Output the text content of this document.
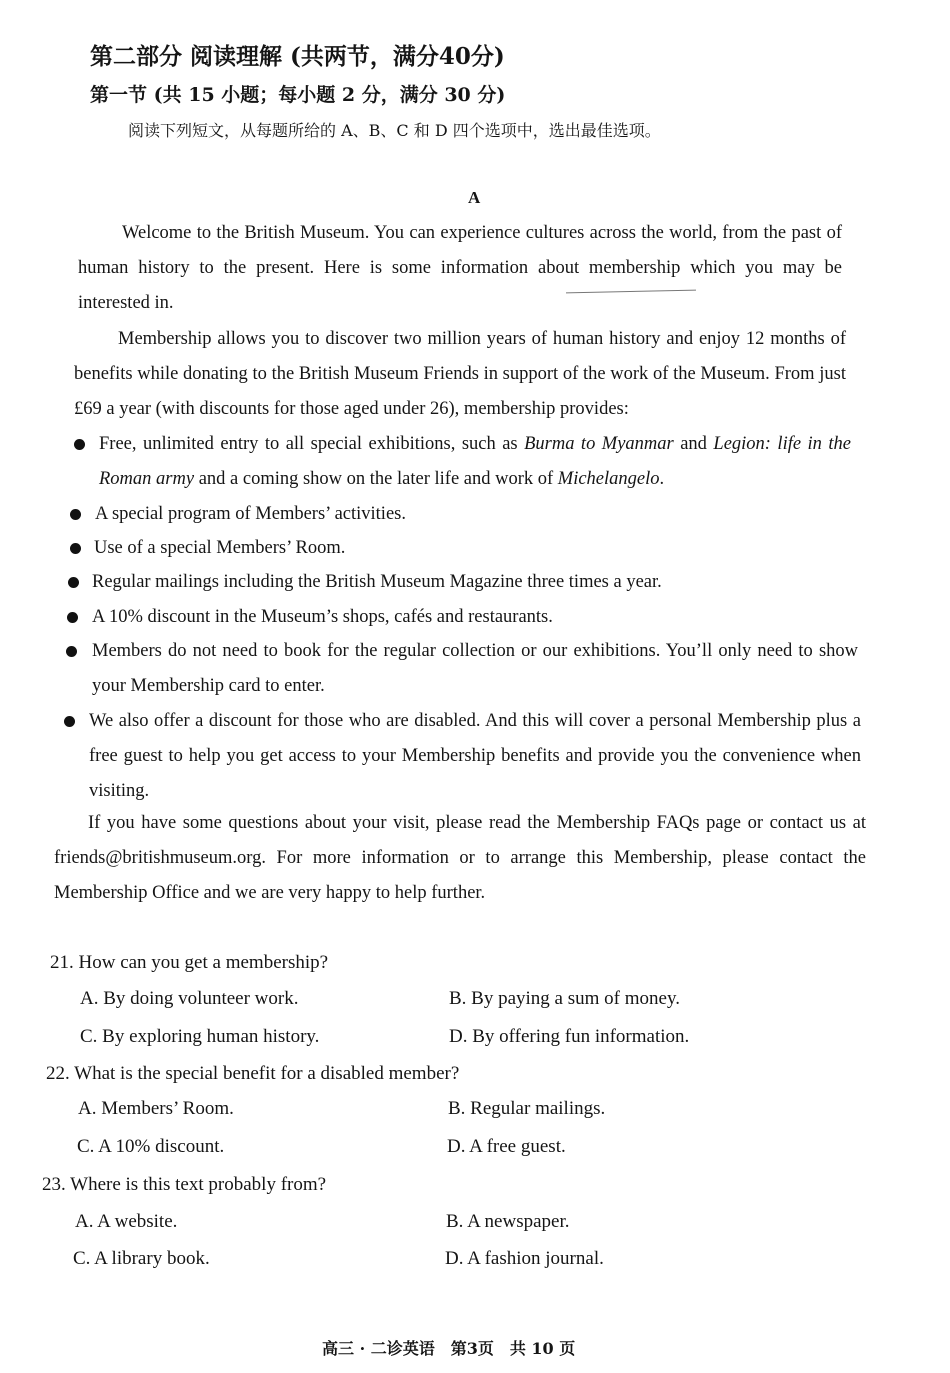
第二部分 阅读理解 (共两节，满分40分)
第一节 (共 15 小题；每小题 2 分，满分 30 分)
阅读下列短文，从每题所给的 A、B、C 和 D 四个选项中，选出最佳选项。
A
Welcome to the British Museum. You can experience cultures across the world, from the past of human history to the present. Here is some information about membership which you may be interested in.
Membership allows you to discover two million years of human history and enjoy 12 months of benefits while donating to the British Museum Friends in support of the work of the Museum. From just £69 a year (with discounts for those aged under 26), membership provides:
Free, unlimited entry to all special exhibitions, such as Burma to Myanmar and Legion: life in the Roman army and a coming show on the later life and work of Michelangelo.
A special program of Members’ activities.
Use of a special Members’ Room.
Regular mailings including the British Museum Magazine three times a year.
A 10% discount in the Museum’s shops, cafés and restaurants.
Members do not need to book for the regular collection or our exhibitions. You’ll only need to show your Membership card to enter.
We also offer a discount for those who are disabled. And this will cover a personal Membership plus a free guest to help you get access to your Membership benefits and provide you the convenience when visiting.
If you have some questions about your visit, please read the Membership FAQs page or contact us at friends@britishmuseum.org. For more information or to arrange this Membership, please contact the Membership Office and we are very happy to help further.
21. How can you get a membership?
A. By doing volunteer work.	B. By paying a sum of money.
C. By exploring human history.	D. By offering fun information.
22. What is the special benefit for a disabled member?
A. Members’ Room.	B. Regular mailings.
C. A 10% discount.	D. A free guest.
23. Where is this text probably from?
A. A website.	B. A newspaper.
C. A library book.	D. A fashion journal.
高三 · 二诊英语　第3页　共 10 页
